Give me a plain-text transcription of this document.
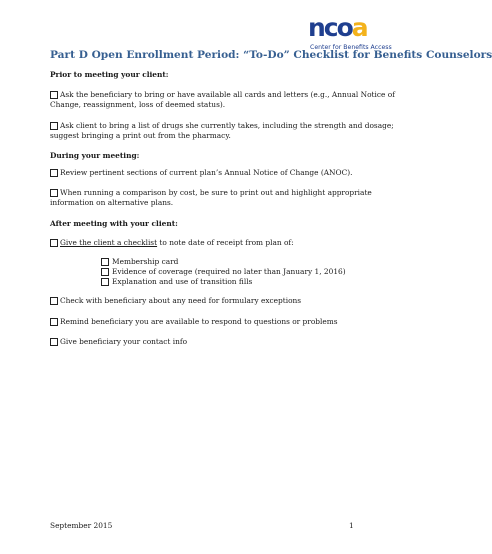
ncoa
Center for Benefits Access
Part D Open Enrollment Period: “To-Do” Checklist for Benefits Counselors
Prior to meeting your client:
Ask the beneficiary to bring or have available all cards and letters (e.g., Annual Notice of
Change, reassignment, loss of deemed status).
Ask client to bring a list of drugs she currently takes, including the strength and dosage;
suggest bringing a print out from the pharmacy.
During your meeting:
Review pertinent sections of current plan’s Annual Notice of Change (ANOC).
When running a comparison by cost, be sure to print out and highlight appropriate
information on alternative plans.
After meeting with your client:
Give the client a checklist to note date of receipt from plan of:
Membership card
Evidence of coverage (required no later than January 1, 2016)
Explanation and use of transition fills
Check with beneficiary about any need for formulary exceptions
Remind beneficiary you are available to respond to questions or problems
Give beneficiary your contact info
September 2015	1
